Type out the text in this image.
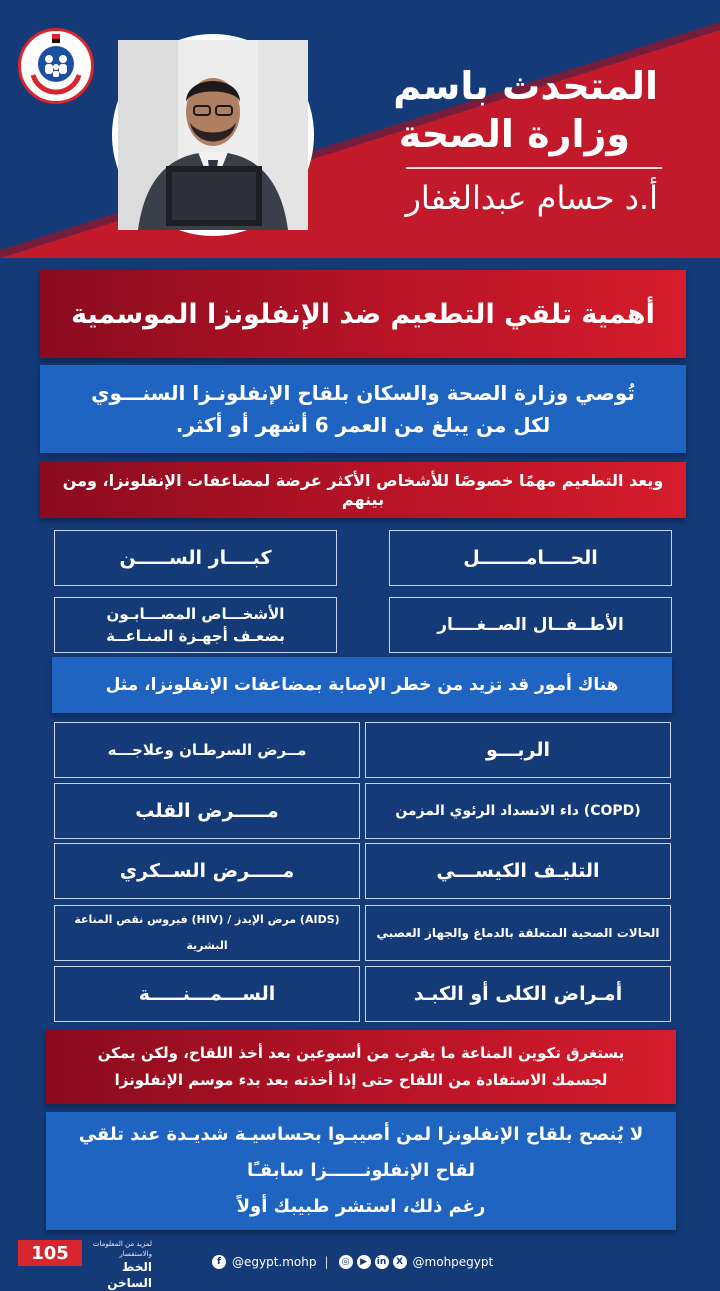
المتحدث باسم
وزارة الصحة
أ.د حسام عبدالغفار
أهمية تلقي التطعيم ضد الإنفلونزا الموسمية
تُوصي وزارة الصحة والسكان بلقاح الإنفلونـزا السنـــوي
لكل من يبلغ من العمر 6 أشهر أو أكثر.
ويعد التطعيم مهمًا خصوصًا للأشخاص الأكثر عرضة لمضاعفات الإنفلونزا، ومن بينهم
الحــــامـــــــل
كبــــار الســـــن
الأطــفــال الصــغــــار
الأشخـــاص المصـــابـون بضعـف أجهـزة المنـاعــة
هناك أمور قد تزيد من خطر الإصابة بمضاعفات الإنفلونزا، مثل
الربـــو
مــرض السرطـان وعلاجـــه
(COPD) داء الانسداد الرئوي المزمن
مـــــرض القلب
التليـف الكيســـي
مـــــرض الســكري
الحالات الصحية المتعلقة بالدماغ والجهاز العصبي
(AIDS) مرض الإيدز / (HIV) فيروس نقص المناعة البشرية
أمـراض الكلى أو الكبـد
الســـمـــنـــــة
يستغرق تكوين المناعة ما يقرب من أسبوعين بعد أخذ اللقاح، ولكن يمكن
لجسمك الاستفادة من اللقاح حتى إذا أخذته بعد بدء موسم الإنفلونزا
لا يُنصح بلقاح الإنفلونزا لمن أصيبـوا بحساسيـة شديـدة عند تلقي
لقاح الإنفلونــــــزا سابقـًا
رغم ذلك، استشر طبيبك أولاً
105	لمزيد من المعلومات والاستفسار
الخط الساخن
f @egypt.mohp |	◎	▶	in	X @mohpegypt
